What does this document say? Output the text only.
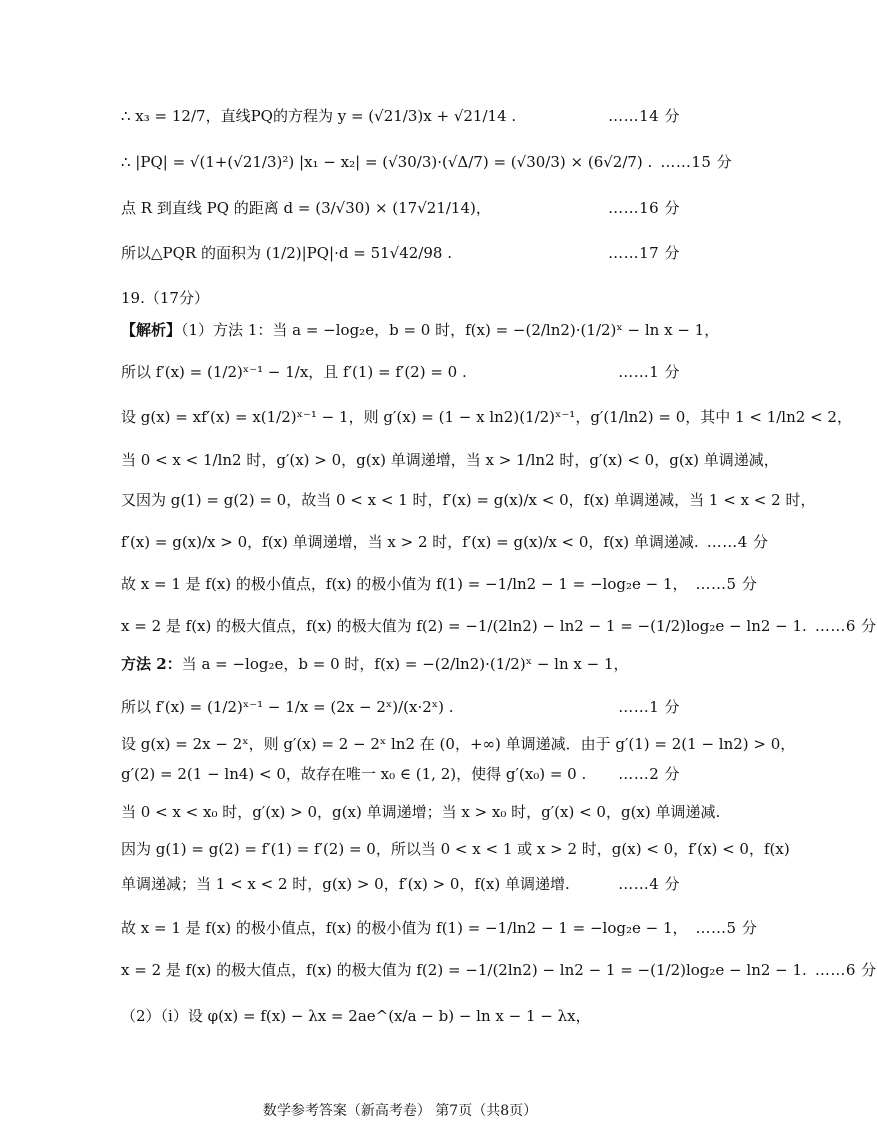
∴ x₃ = 12/7，直线PQ的方程为 y = (√21/3)x + √21/14 .	……14 分
∴ |PQ| = √(1+(√21/3)²) |x₁ − x₂| = (√30/3)·(√Δ/7) = (√30/3) × (6√2/7) . ……15 分
点 R 到直线 PQ 的距离 d = (3/√30) × (17√21/14)，	……16 分
所以△PQR 的面积为 (1/2)|PQ|·d = 51√42/98 .	……17 分
19.（17分）
【解析】（1）方法 1：当 a = −log₂e，b = 0 时，f(x) = −(2/ln2)·(1/2)ˣ − ln x − 1，
所以 f′(x) = (1/2)ˣ⁻¹ − 1/x，且 f′(1) = f′(2) = 0 .	……1 分
设 g(x) = xf′(x) = x(1/2)ˣ⁻¹ − 1，则 g′(x) = (1 − x ln2)(1/2)ˣ⁻¹，g′(1/ln2) = 0，其中 1 < 1/ln2 < 2，
当 0 < x < 1/ln2 时，g′(x) > 0，g(x) 单调递增，当 x > 1/ln2 时，g′(x) < 0，g(x) 单调递减，
又因为 g(1) = g(2) = 0，故当 0 < x < 1 时，f′(x) = g(x)/x < 0，f(x) 单调递减，当 1 < x < 2 时，
f′(x) = g(x)/x > 0，f(x) 单调递增，当 x > 2 时，f′(x) = g(x)/x < 0，f(x) 单调递减. ……4 分
故 x = 1 是 f(x) 的极小值点，f(x) 的极小值为 f(1) = −1/ln2 − 1 = −log₂e − 1， ……5 分
x = 2 是 f(x) 的极大值点，f(x) 的极大值为 f(2) = −1/(2ln2) − ln2 − 1 = −(1/2)log₂e − ln2 − 1. ……6 分
方法 2：当 a = −log₂e，b = 0 时，f(x) = −(2/ln2)·(1/2)ˣ − ln x − 1，
所以 f′(x) = (1/2)ˣ⁻¹ − 1/x = (2x − 2ˣ)/(x·2ˣ) .	……1 分
设 g(x) = 2x − 2ˣ，则 g′(x) = 2 − 2ˣ ln2 在 (0，+∞) 单调递减．由于 g′(1) = 2(1 − ln2) > 0，
g′(2) = 2(1 − ln4) < 0，故存在唯一 x₀ ∈ (1, 2)，使得 g′(x₀) = 0 .	……2 分
当 0 < x < x₀ 时，g′(x) > 0，g(x) 单调递增；当 x > x₀ 时，g′(x) < 0，g(x) 单调递减.
因为 g(1) = g(2) = f′(1) = f′(2) = 0，所以当 0 < x < 1 或 x > 2 时，g(x) < 0，f′(x) < 0，f(x)
单调递减；当 1 < x < 2 时，g(x) > 0，f′(x) > 0，f(x) 单调递增.	……4 分
故 x = 1 是 f(x) 的极小值点，f(x) 的极小值为 f(1) = −1/ln2 − 1 = −log₂e − 1， ……5 分
x = 2 是 f(x) 的极大值点，f(x) 的极大值为 f(2) = −1/(2ln2) − ln2 − 1 = −(1/2)log₂e − ln2 − 1. ……6 分
（2）（i）设 φ(x) = f(x) − λx = 2ae^(x/a − b) − ln x − 1 − λx，
数学参考答案（新高考卷） 第7页（共8页）
